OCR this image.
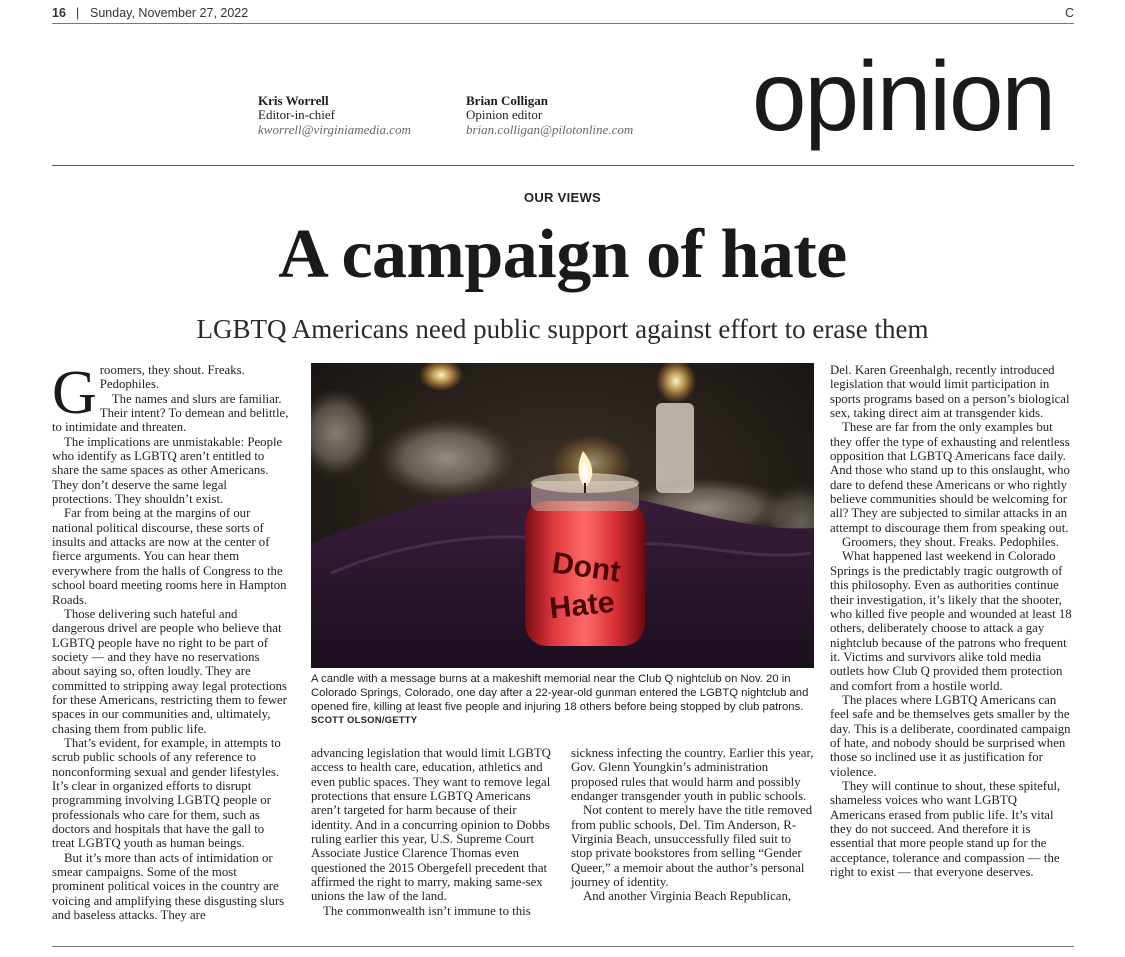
16 | Sunday, November 27, 2022	C
Kris Worrell
Editor-in-chief
kworrell@virginiamedia.com
Brian Colligan
Opinion editor
brian.colligan@pilotonline.com opinion
OUR VIEWS
A campaign of hate
LGBTQ Americans need public support against effort to erase them

Groomers, they shout. Freaks. Pedophiles.

The names and slurs are familiar. Their intent? To demean and belittle, to intimidate and threaten.

The implications are unmistakable: People who identify as LGBTQ aren’t entitled to share the same spaces as other Americans. They don’t deserve the same legal protections. They shouldn’t exist.

Far from being at the margins of our national political discourse, these sorts of insults and attacks are now at the center of fierce arguments. You can hear them everywhere from the halls of Congress to the school board meeting rooms here in Hampton Roads.

Those delivering such hateful and dangerous drivel are people who believe that LGBTQ people have no right to be part of society — and they have no reservations about saying so, often loudly. They are committed to stripping away legal protections for these Americans, restricting them to fewer spaces in our communities and, ultimately, chasing them from public life.

That’s evident, for example, in attempts to scrub public schools of any reference to nonconforming sexual and gender lifestyles. It’s clear in organized efforts to disrupt programming involving LGBTQ people or professionals who care for them, such as doctors and hospitals that have the gall to treat LGBTQ youth as human beings.

But it’s more than acts of intimidation or smear campaigns. Some of the most prominent political voices in the country are voicing and amplifying these disgusting slurs and baseless attacks. They are

Dont
Hate
A candle with a message burns at a makeshift memorial near the Club Q nightclub on Nov. 20 in Colorado Springs, Colorado, one day after a 22-year-old gunman entered the LGBTQ nightclub and opened fire, killing at least five people and injuring 18 others before being stopped by club patrons. SCOTT OLSON/GETTY

advancing legislation that would limit LGBTQ access to health care, education, athletics and even public spaces. They want to remove legal protections that ensure LGBTQ Americans aren’t targeted for harm because of their identity. And in a concurring opinion to Dobbs ruling earlier this year, U.S. Supreme Court Associate Justice Clarence Thomas even questioned the 2015 Obergefell precedent that affirmed the right to marry, making same-sex unions the law of the land.

The commonwealth isn’t immune to this

sickness infecting the country. Earlier this year, Gov. Glenn Youngkin’s administration proposed rules that would harm and possibly endanger transgender youth in public schools.

Not content to merely have the title removed from public schools, Del. Tim Anderson, R-Virginia Beach, unsuccessfully filed suit to stop private bookstores from selling “Gender Queer,” a memoir about the author’s personal journey of identity.

And another Virginia Beach Republican,

Del. Karen Greenhalgh, recently introduced legislation that would limit participation in sports programs based on a person’s biological sex, taking direct aim at transgender kids.

These are far from the only examples but they offer the type of exhausting and relentless opposition that LGBTQ Americans face daily. And those who stand up to this onslaught, who dare to defend these Americans or who rightly believe communities should be welcoming for all? They are subjected to similar attacks in an attempt to discourage them from speaking out.

Groomers, they shout. Freaks. Pedophiles.

What happened last weekend in Colorado Springs is the predictably tragic outgrowth of this philosophy. Even as authorities continue their investigation, it’s likely that the shooter, who killed five people and wounded at least 18 others, deliberately choose to attack a gay nightclub because of the patrons who frequent it. Victims and survivors alike told media outlets how Club Q provided them protection and comfort from a hostile world.

The places where LGBTQ Americans can feel safe and be themselves gets smaller by the day. This is a deliberate, coordinated campaign of hate, and nobody should be surprised when those so inclined use it as justification for violence.

They will continue to shout, these spiteful, shameless voices who want LGBTQ Americans erased from public life. It’s vital they do not succeed. And therefore it is essential that more people stand up for the acceptance, tolerance and compassion — the right to exist — that everyone deserves.
